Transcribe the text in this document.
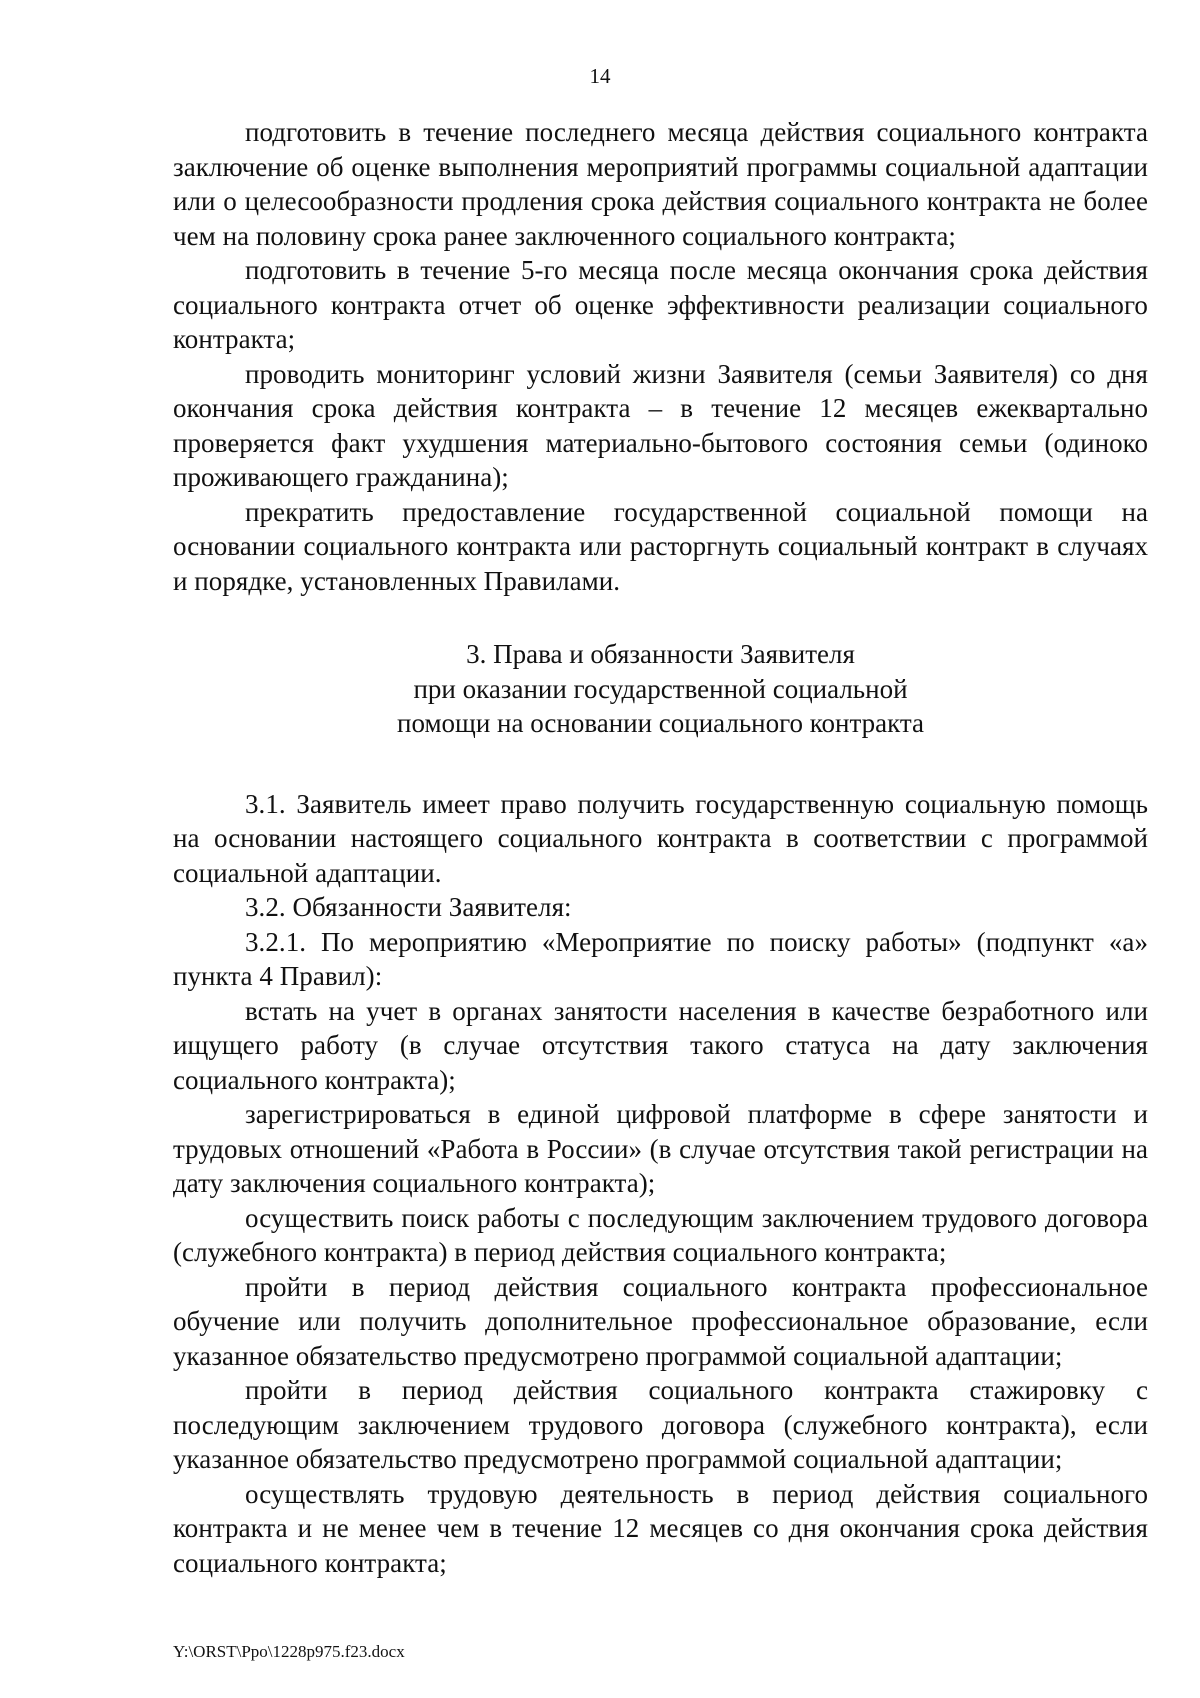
14

подготовить в течение последнего месяца действия социального контракта заключение об оценке выполнения мероприятий программы социальной адаптации или о целесообразности продления срока действия социального контракта не более чем на половину срока ранее заключенного социального контракта;

подготовить в течение 5-го месяца после месяца окончания срока действия социального контракта отчет об оценке эффективности реализации социального контракта;

проводить мониторинг условий жизни Заявителя (семьи Заявителя) со дня окончания срока действия контракта – в течение 12 месяцев ежеквартально проверяется факт ухудшения материально-бытового состояния семьи (одиноко проживающего гражданина);

прекратить предоставление государственной социальной помощи на основании социального контракта или расторгнуть социальный контракт в случаях и порядке, установленных Правилами.

3. Права и обязанности Заявителя
при оказании государственной социальной
помощи на основании социального контракта

3.1. Заявитель имеет право получить государственную социальную помощь на основании настоящего социального контракта в соответствии с программой социальной адаптации.

3.2. Обязанности Заявителя:

3.2.1. По мероприятию «Мероприятие по поиску работы» (подпункт «а» пункта 4 Правил):

встать на учет в органах занятости населения в качестве безработного или ищущего работу (в случае отсутствия такого статуса на дату заключения социального контракта);

зарегистрироваться в единой цифровой платформе в сфере занятости и трудовых отношений «Работа в России» (в случае отсутствия такой регистрации на дату заключения социального контракта);

осуществить поиск работы с последующим заключением трудового договора (служебного контракта) в период действия социального контракта;

пройти в период действия социального контракта профессиональное обучение или получить дополнительное профессиональное образование, если указанное обязательство предусмотрено программой социальной адаптации;

пройти в период действия социального контракта стажировку с последующим заключением трудового договора (служебного контракта), если указанное обязательство предусмотрено программой социальной адаптации;

осуществлять трудовую деятельность в период действия социального контракта и не менее чем в течение 12 месяцев со дня окончания срока действия социального контракта;

Y:\ORST\Ppo\1228p975.f23.docx
